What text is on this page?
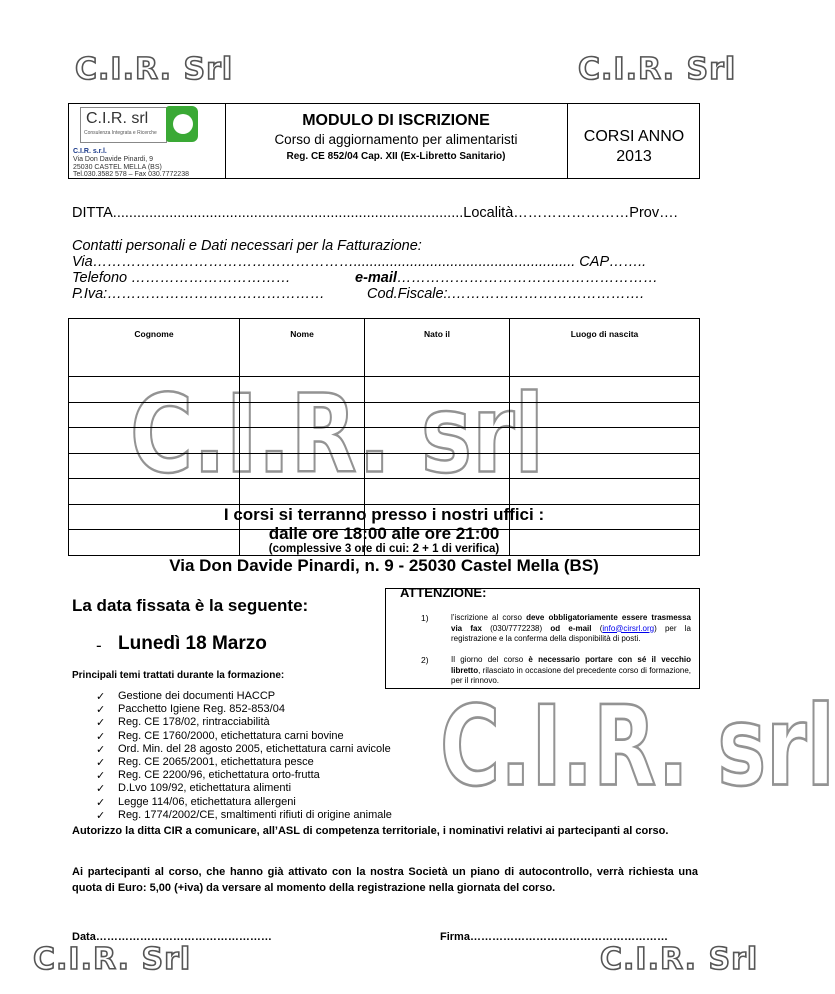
C.I.R. Srl	C.I.R. Srl
C.I.R. Srl	C.I.R. Srl
C.I.R. srl
C.I.R. srl
C.I.R. srl
Consulenza Integrata e Ricerche
C.I.R. s.r.l.
Via Don Davide Pinardi, 9
25030 CASTEL MELLA (BS)
Tel.030.3582 578 – Fax 030.7772238
MODULO DI ISCRIZIONE
Corso di aggiornamento per alimentaristi
Reg. CE 852/04 Cap. XII (Ex-Libretto Sanitario)
CORSI ANNO
2013
DITTA.......................................................................................Località……………………Prov….
Contatti personali e Dati necessari per la Fatturazione:
Via………………………………………………....................................................... CAP……..
Telefono ……………………………	e-mail………………………………………………
P.Iva:………………………………………	Cod.Fiscale:.………………………………….
Cognome	Nome	Nato il	Luogo di nascita

I corsi si terranno presso i nostri uffici :
dalle ore 18:00 alle ore 21:00
(complessive 3 ore di cui: 2 + 1 di verifica)
Via Don Davide Pinardi, n. 9 - 25030 Castel Mella (BS)
La data fissata è la seguente:
- Lunedì 18 Marzo
Principali temi trattati durante la formazione:
ATTENZIONE:
1)	l’iscrizione al corso deve obbligatoriamente essere trasmessa via fax (030/7772238) od e-mail (info@cirsrl.org) per la registrazione e la conferma della disponibilità di posti.
2)	Il giorno del corso è necessario portare con sé il vecchio libretto, rilasciato in occasione del precedente corso di formazione, per il rinnovo.
✓ Gestione dei documenti HACCP
✓ Pacchetto Igiene Reg. 852-853/04
✓ Reg. CE 178/02, rintracciabilità
✓ Reg. CE 1760/2000, etichettatura carni bovine
✓ Ord. Min. del 28 agosto 2005, etichettatura carni avicole
✓ Reg. CE 2065/2001, etichettatura pesce
✓ Reg. CE 2200/96, etichettatura orto-frutta
✓ D.Lvo 109/92, etichettatura alimenti
✓ Legge 114/06, etichettatura allergeni
✓ Reg. 1774/2002/CE, smaltimenti rifiuti di origine animale
Autorizzo la ditta CIR a comunicare, all’ASL di competenza territoriale, i nominativi relativi ai partecipanti al corso.
Ai partecipanti al corso, che hanno già attivato con la nostra Società un piano di autocontrollo, verrà richiesta una quota di Euro: 5,00 (+iva) da versare al momento della registrazione nella giornata del corso.
Data…………………………………………	Firma………………………………………………
